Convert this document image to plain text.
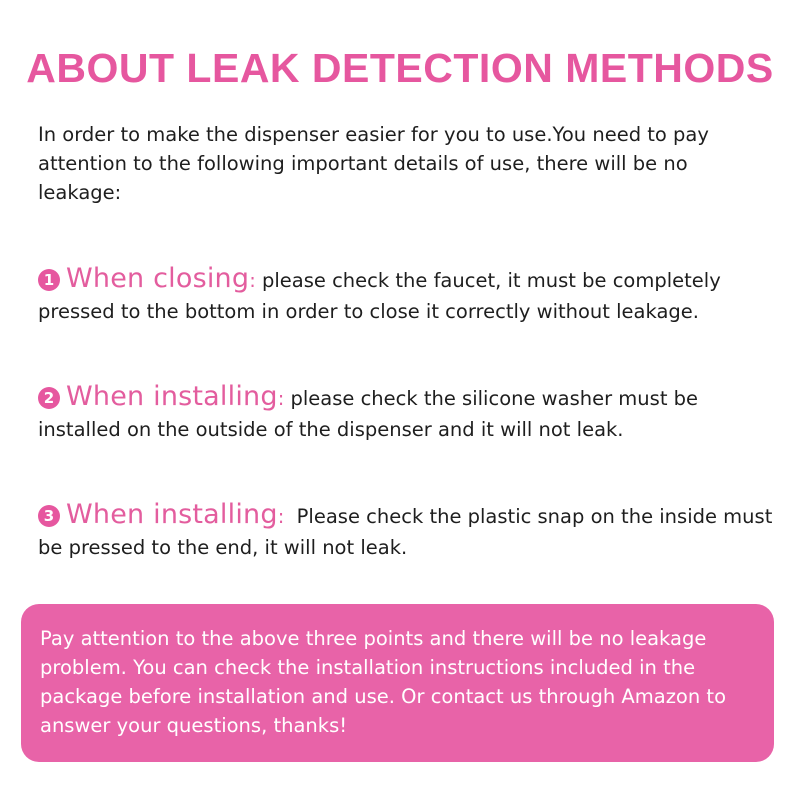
ABOUT LEAK DETECTION METHODS
In order to make the dispenser easier for you to use.You need to pay attention to the following important details of use, there will be no leakage:
1 When closing: please check the faucet, it must be completely pressed to the bottom in order to close it correctly without leakage.
2 When installing: please check the silicone washer must be installed on the outside of the dispenser and it will not leak.
3 When installing: Please check the plastic snap on the inside must be pressed to the end, it will not leak.
Pay attention to the above three points and there will be no leakage problem. You can check the installation instructions included in the package before installation and use. Or contact us through Amazon to answer your questions, thanks!
